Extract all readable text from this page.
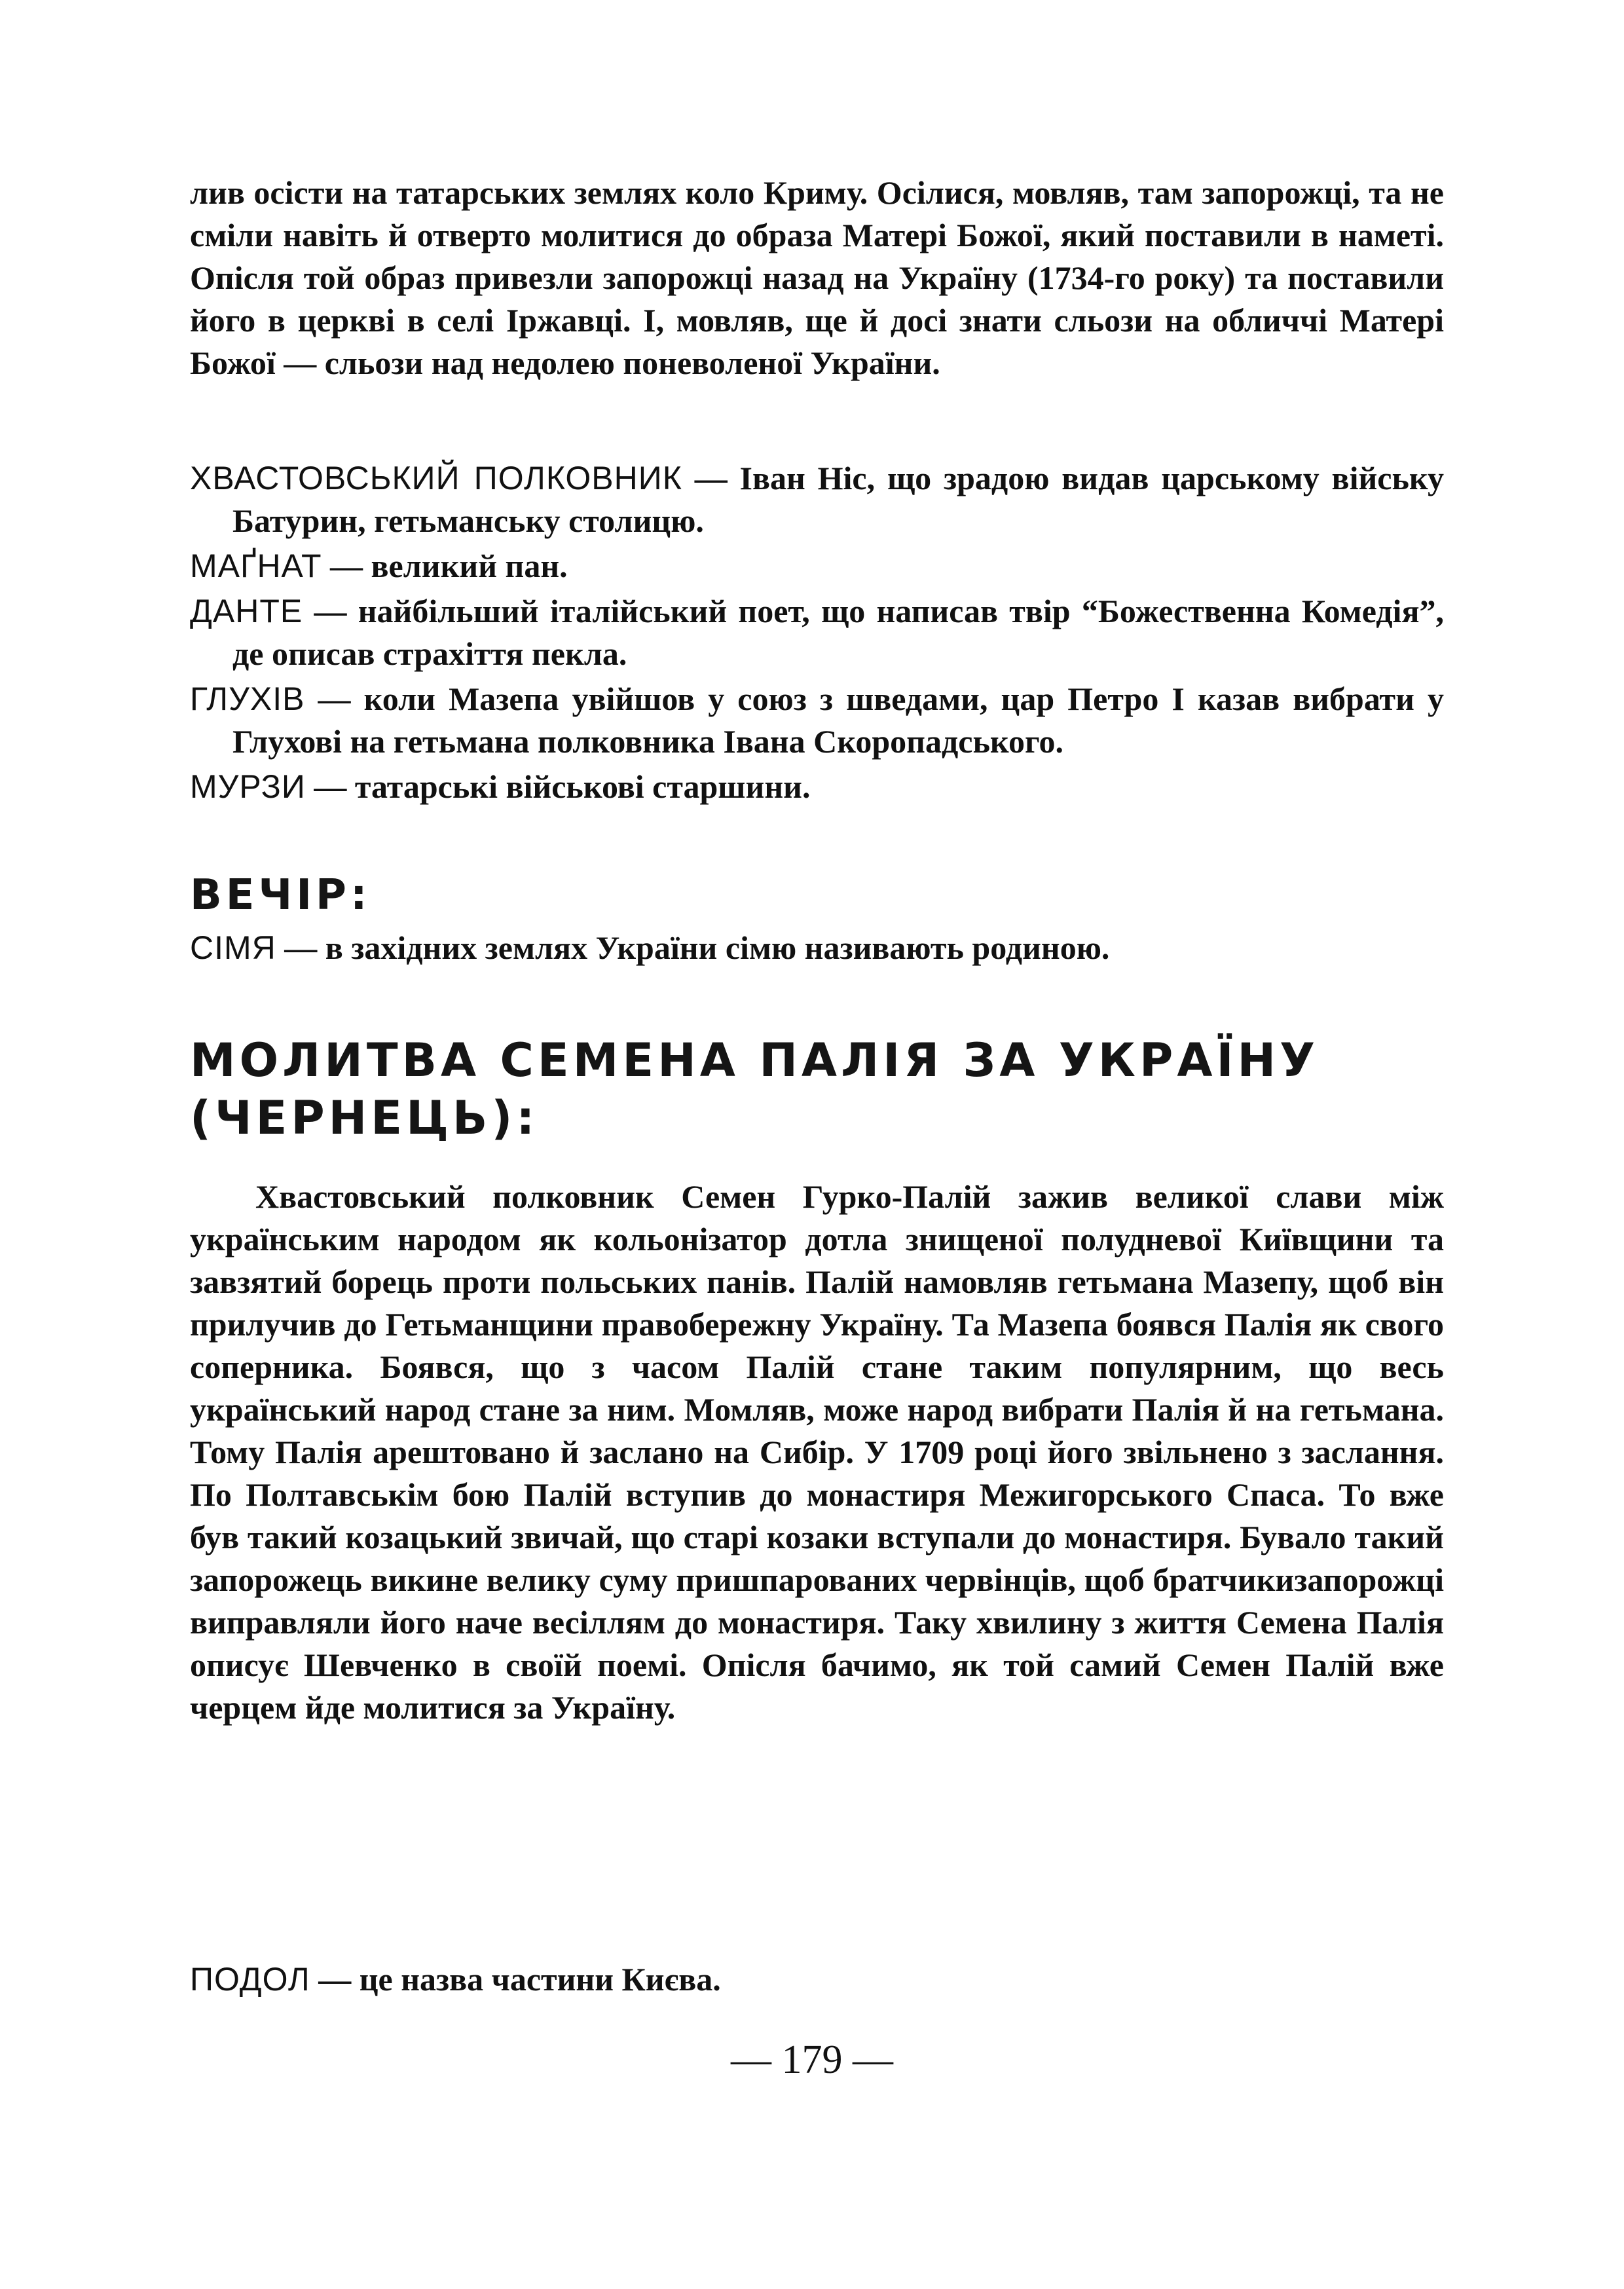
лив осісти на татарських землях коло Криму. Осілися, мовляв, там запорожці, та не сміли навіть й отверто молитися до образа Матері Божої, який поставили в наметі. Опісля той образ привезли запорожці назад на Україну (1734-го року) та поставили його в церкві в селі Іржавці. І, мовляв, ще й досі знати сльози на обличчі Матері Божої — сльози над недолею поневоленої України.

ХВАСТОВСЬКИЙ ПОЛКОВНИК — Іван Ніс, що зрадою видав царському війську Батурин, гетьманську столицю.

МАҐНАТ — великий пан.

ДАНТЕ — найбільший італійський поет, що написав твір “Божественна Комедія”, де описав страхіття пекла.

ГЛУХІВ — коли Мазепа увійшов у союз з шведами, цар Петро І казав вибрати у Глухові на гетьмана полковника Івана Скоропадського.

МУРЗИ — татарські військові старшини.

ВЕЧІР:

СІМЯ — в західних землях України сімю називають родиною.

МОЛИТВА СЕМЕНА ПАЛІЯ ЗА УКРАЇНУ
(ЧЕРНЕЦЬ):

Хвастовський полковник Семен Гурко-Палій зажив великої слави між українським народом як кольонізатор дотла знищеної полудневої Київщини та завзятий борець проти польських панів. Палій намовляв гетьмана Мазепу, щоб він прилучив до Гетьманщини правобережну Україну. Та Мазепа боявся Палія як свого соперника. Боявся, що з часом Палій стане таким популярним, що весь український народ стане за ним. Момляв, може народ вибрати Палія й на гетьмана. Тому Палія арештовано й заслано на Сибір. У 1709 році його звільнено з заслання. По Полтавськім бою Палій вступив до монастиря Межигорського Спаса. То вже був такий козацький звичай, що старі козаки вступали до монастиря. Бувало такий запорожець викине велику суму пришпарованих червінців, щоб братчикизапорожці виправляли його наче весіллям до монастиря. Таку хвилину з життя Семена Палія описує Шевченко в своїй поемі. Опісля бачимо, як той самий Семен Палій вже черцем йде молитися за Україну.

ПОДОЛ — це назва частини Києва.

— 179 —
